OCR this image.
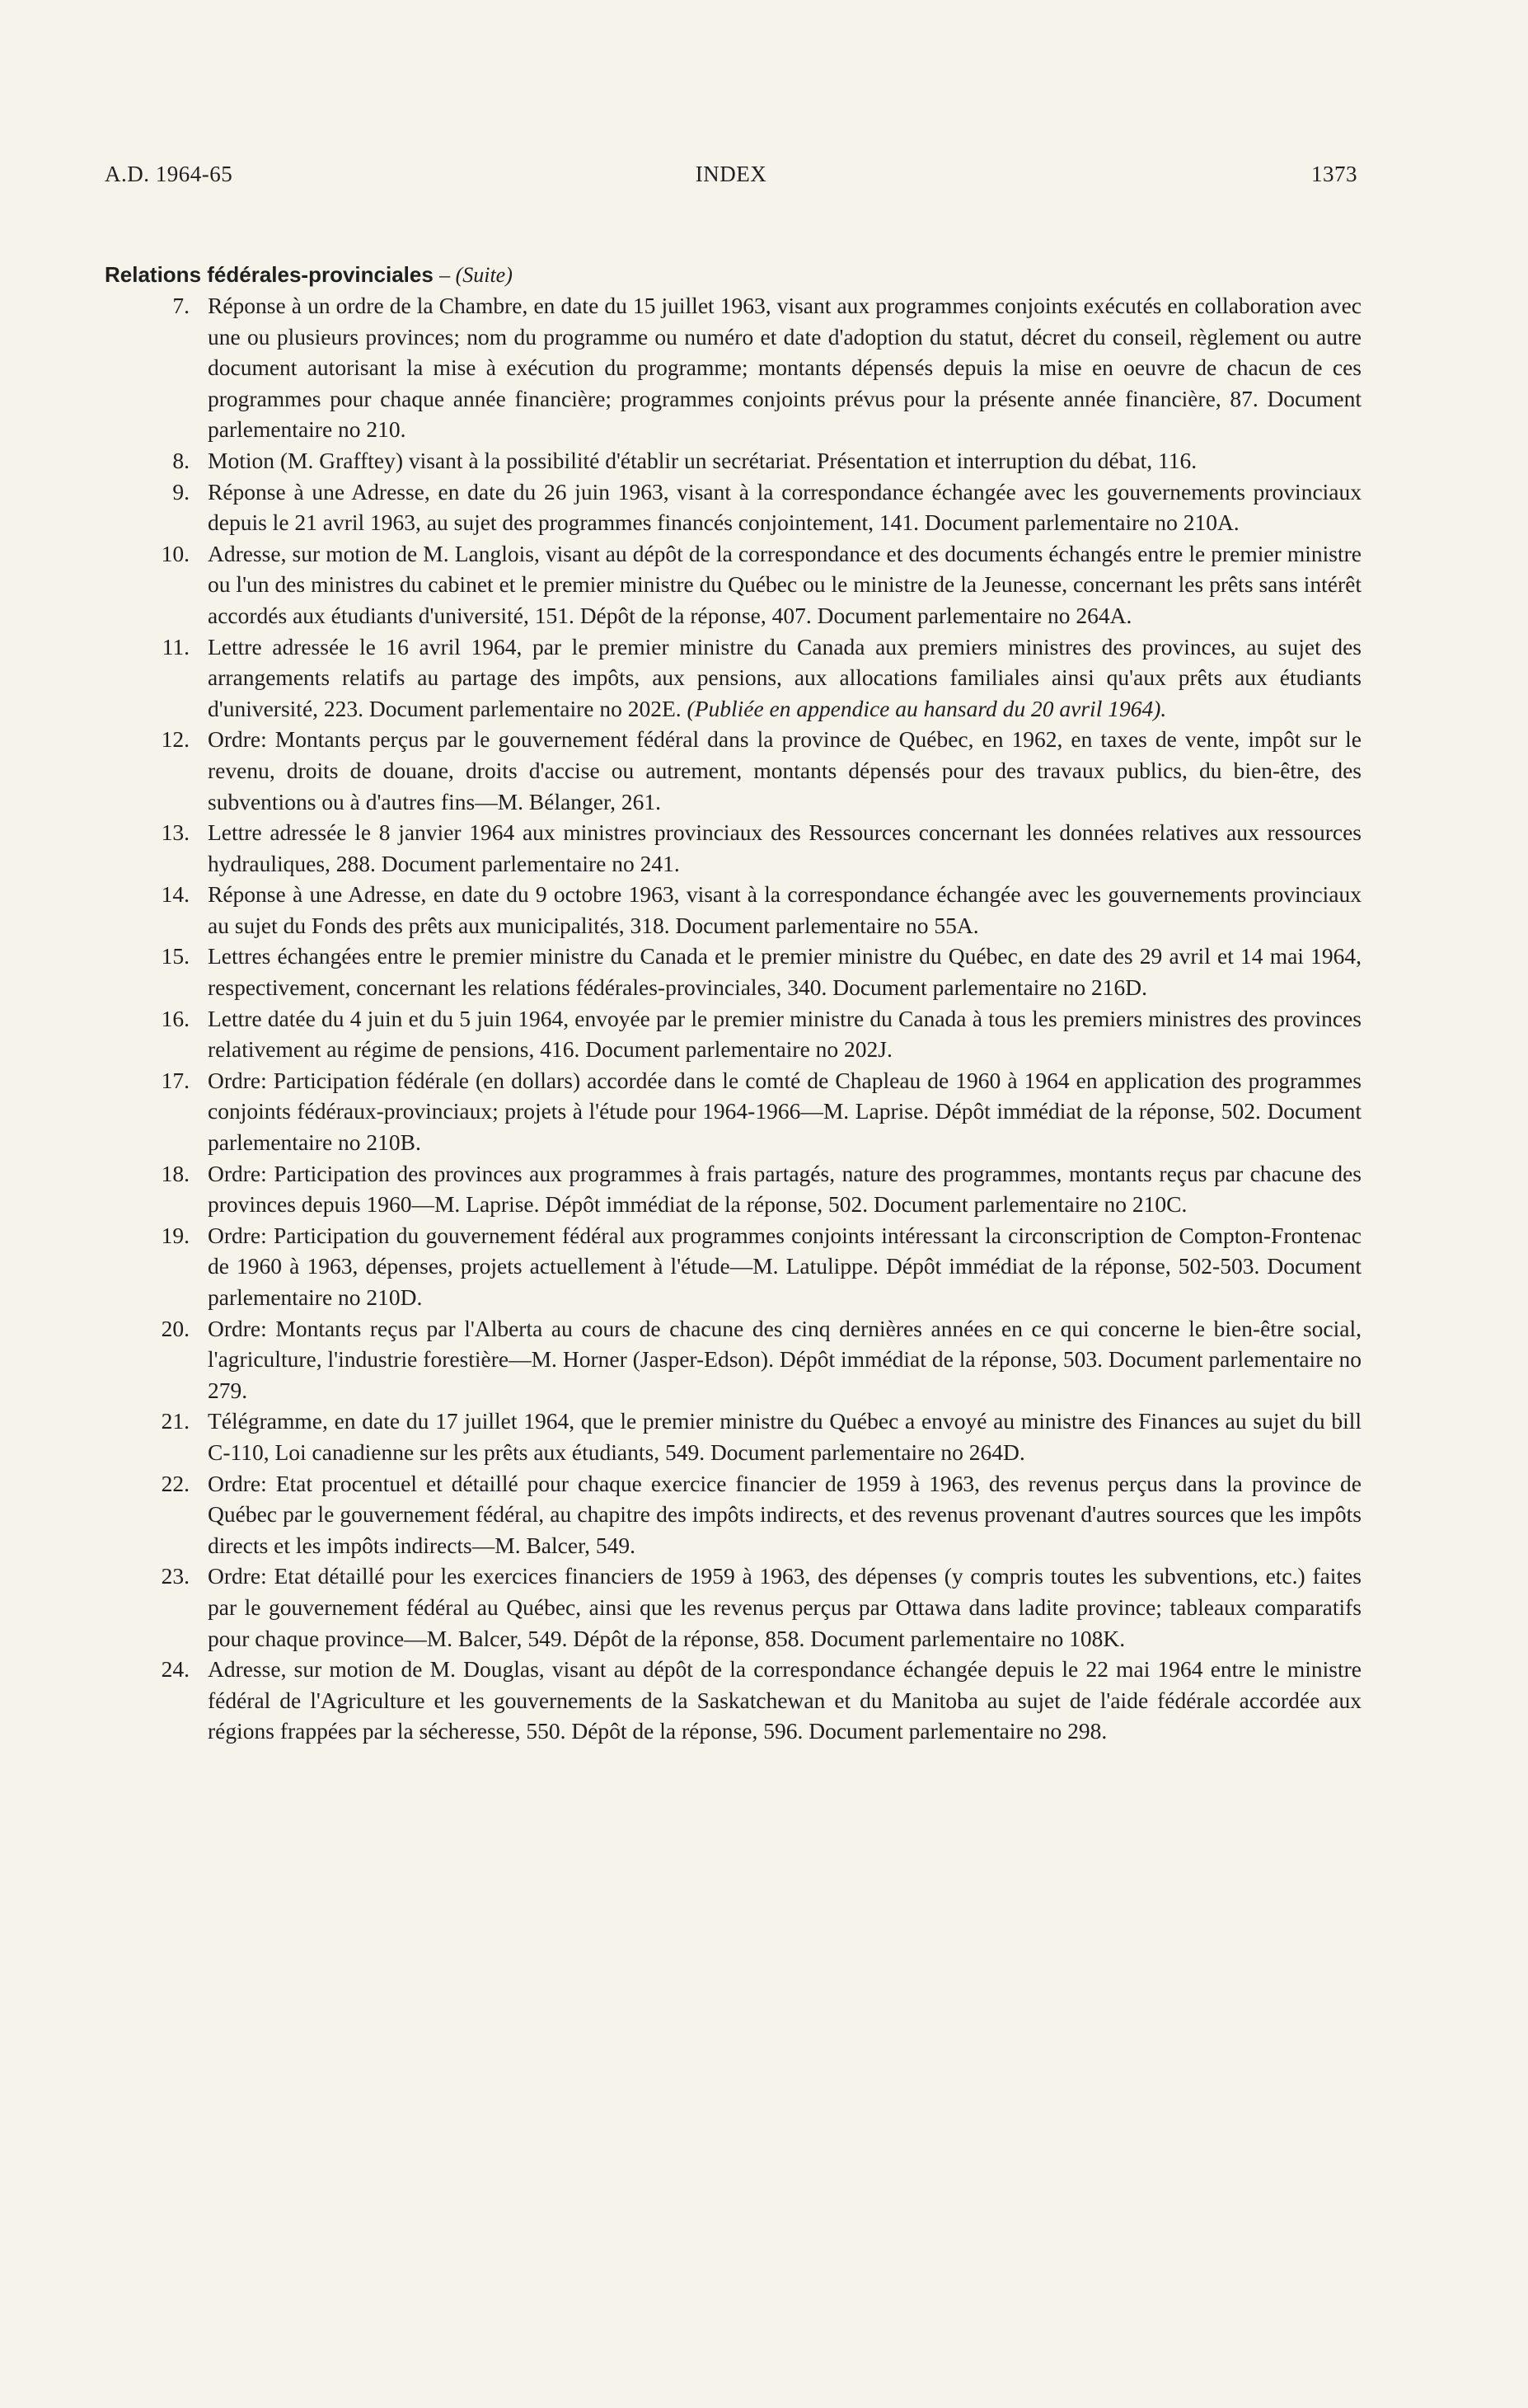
A.D. 1964-65	INDEX	1373
Relations fédérales-provinciales – (Suite)
7. Réponse à un ordre de la Chambre, en date du 15 juillet 1963, visant aux programmes conjoints exécutés en collaboration avec une ou plusieurs provinces; nom du programme ou numéro et date d'adoption du statut, décret du conseil, règlement ou autre document autorisant la mise à exécution du programme; montants dépensés depuis la mise en oeuvre de chacun de ces programmes pour chaque année financière; programmes conjoints prévus pour la présente année financière, 87. Document parlementaire no 210.
8. Motion (M. Grafftey) visant à la possibilité d'établir un secrétariat. Présentation et interruption du débat, 116.
9. Réponse à une Adresse, en date du 26 juin 1963, visant à la correspondance échangée avec les gouvernements provinciaux depuis le 21 avril 1963, au sujet des programmes financés conjointement, 141. Document parlementaire no 210A.
10. Adresse, sur motion de M. Langlois, visant au dépôt de la correspondance et des documents échangés entre le premier ministre ou l'un des ministres du cabinet et le premier ministre du Québec ou le ministre de la Jeunesse, concernant les prêts sans intérêt accordés aux étudiants d'université, 151. Dépôt de la réponse, 407. Document parlementaire no 264A.
11. Lettre adressée le 16 avril 1964, par le premier ministre du Canada aux premiers ministres des provinces, au sujet des arrangements relatifs au partage des impôts, aux pensions, aux allocations familiales ainsi qu'aux prêts aux étudiants d'université, 223. Document parlementaire no 202E. (Publiée en appendice au hansard du 20 avril 1964).
12. Ordre: Montants perçus par le gouvernement fédéral dans la province de Québec, en 1962, en taxes de vente, impôt sur le revenu, droits de douane, droits d'accise ou autrement, montants dépensés pour des travaux publics, du bien-être, des subventions ou à d'autres fins—M. Bélanger, 261.
13. Lettre adressée le 8 janvier 1964 aux ministres provinciaux des Ressources concernant les données relatives aux ressources hydrauliques, 288. Document parlementaire no 241.
14. Réponse à une Adresse, en date du 9 octobre 1963, visant à la correspondance échangée avec les gouvernements provinciaux au sujet du Fonds des prêts aux municipalités, 318. Document parlementaire no 55A.
15. Lettres échangées entre le premier ministre du Canada et le premier ministre du Québec, en date des 29 avril et 14 mai 1964, respectivement, concernant les relations fédérales-provinciales, 340. Document parlementaire no 216D.
16. Lettre datée du 4 juin et du 5 juin 1964, envoyée par le premier ministre du Canada à tous les premiers ministres des provinces relativement au régime de pensions, 416. Document parlementaire no 202J.
17. Ordre: Participation fédérale (en dollars) accordée dans le comté de Chapleau de 1960 à 1964 en application des programmes conjoints fédéraux-provinciaux; projets à l'étude pour 1964-1966—M. Laprise. Dépôt immédiat de la réponse, 502. Document parlementaire no 210B.
18. Ordre: Participation des provinces aux programmes à frais partagés, nature des programmes, montants reçus par chacune des provinces depuis 1960—M. Laprise. Dépôt immédiat de la réponse, 502. Document parlementaire no 210C.
19. Ordre: Participation du gouvernement fédéral aux programmes conjoints intéressant la circonscription de Compton-Frontenac de 1960 à 1963, dépenses, projets actuellement à l'étude—M. Latulippe. Dépôt immédiat de la réponse, 502-503. Document parlementaire no 210D.
20. Ordre: Montants reçus par l'Alberta au cours de chacune des cinq dernières années en ce qui concerne le bien-être social, l'agriculture, l'industrie forestière—M. Horner (Jasper-Edson). Dépôt immédiat de la réponse, 503. Document parlementaire no 279.
21. Télégramme, en date du 17 juillet 1964, que le premier ministre du Québec a envoyé au ministre des Finances au sujet du bill C-110, Loi canadienne sur les prêts aux étudiants, 549. Document parlementaire no 264D.
22. Ordre: Etat procentuel et détaillé pour chaque exercice financier de 1959 à 1963, des revenus perçus dans la province de Québec par le gouvernement fédéral, au chapitre des impôts indirects, et des revenus provenant d'autres sources que les impôts directs et les impôts indirects—M. Balcer, 549.
23. Ordre: Etat détaillé pour les exercices financiers de 1959 à 1963, des dépenses (y compris toutes les subventions, etc.) faites par le gouvernement fédéral au Québec, ainsi que les revenus perçus par Ottawa dans ladite province; tableaux comparatifs pour chaque province—M. Balcer, 549. Dépôt de la réponse, 858. Document parlementaire no 108K.
24. Adresse, sur motion de M. Douglas, visant au dépôt de la correspondance échangée depuis le 22 mai 1964 entre le ministre fédéral de l'Agriculture et les gouvernements de la Saskatchewan et du Manitoba au sujet de l'aide fédérale accordée aux régions frappées par la sécheresse, 550. Dépôt de la réponse, 596. Document parlementaire no 298.
